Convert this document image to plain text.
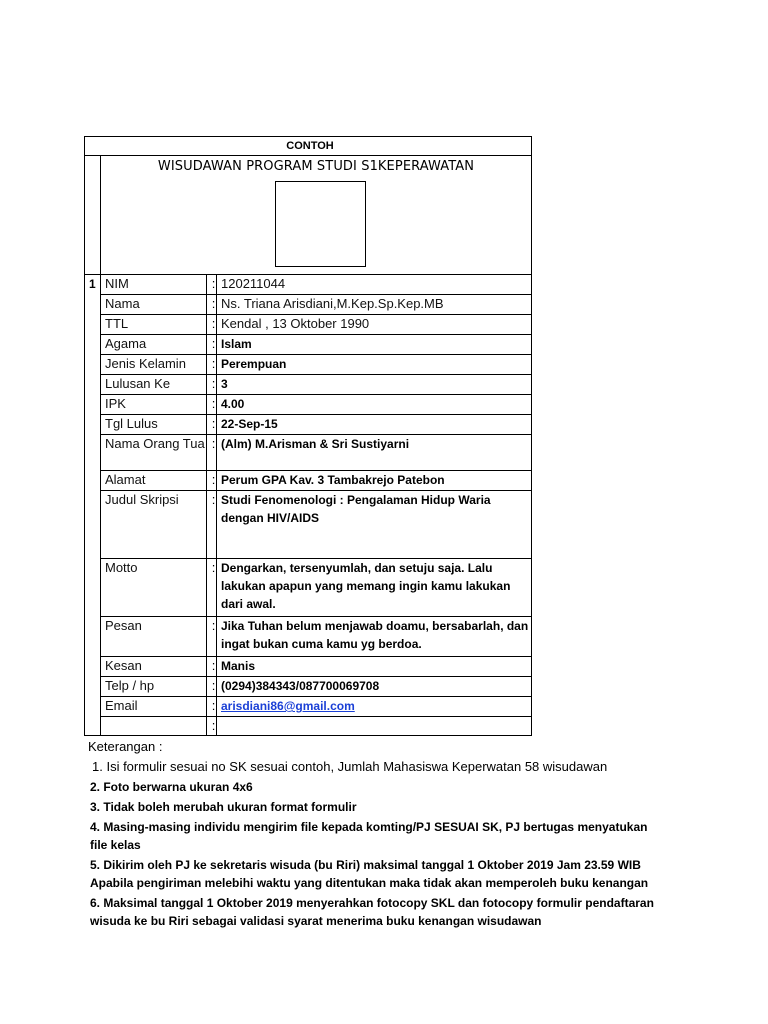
CONTOH			

	WISUDAWAN PROGRAM STUDI S1KEPERAWATAN		

1	NIM	:	120211044
	Nama	:	Ns. Triana Arisdiani,M.Kep.Sp.Kep.MB
	TTL	:	Kendal , 13 Oktober 1990
	Agama	:	Islam
	Jenis Kelamin	:	Perempuan
	Lulusan Ke	:	3
	IPK	:	4.00
	Tgl Lulus	:	22-Sep-15
	Nama Orang Tua	:	(Alm) M.Arisman & Sri Sustiyarni
	Alamat	:	Perum GPA Kav. 3 Tambakrejo Patebon
	Judul Skripsi	:	Studi Fenomenologi : Pengalaman Hidup Waria dengan HIV/AIDS
	Motto	:	Dengarkan, tersenyumlah, dan setuju saja. Lalu lakukan apapun yang memang ingin kamu lakukan dari awal.
	Pesan	:	Jika Tuhan belum menjawab doamu, bersabarlah, dan ingat bukan cuma kamu yg berdoa.
	Kesan	:	Manis
	Telp / hp	:	(0294)384343/087700069708
	Email	:	arisdiani86@gmail.com
		:	
Keterangan :
1. Isi formulir sesuai no SK sesuai contoh, Jumlah Mahasiswa Keperwatan 58 wisudawan
2. Foto berwarna ukuran 4x6
3. Tidak boleh merubah ukuran format formulir
4. Masing-masing individu mengirim file kepada komting/PJ SESUAI SK, PJ bertugas menyatukan file kelas
5. Dikirim oleh PJ ke sekretaris wisuda (bu Riri) maksimal tanggal 1 Oktober 2019 Jam 23.59 WIB Apabila pengiriman melebihi waktu yang ditentukan maka tidak akan memperoleh buku kenangan
6. Maksimal tanggal 1 Oktober 2019 menyerahkan fotocopy SKL dan fotocopy formulir pendaftaran wisuda ke bu Riri sebagai validasi syarat menerima buku kenangan wisudawan
